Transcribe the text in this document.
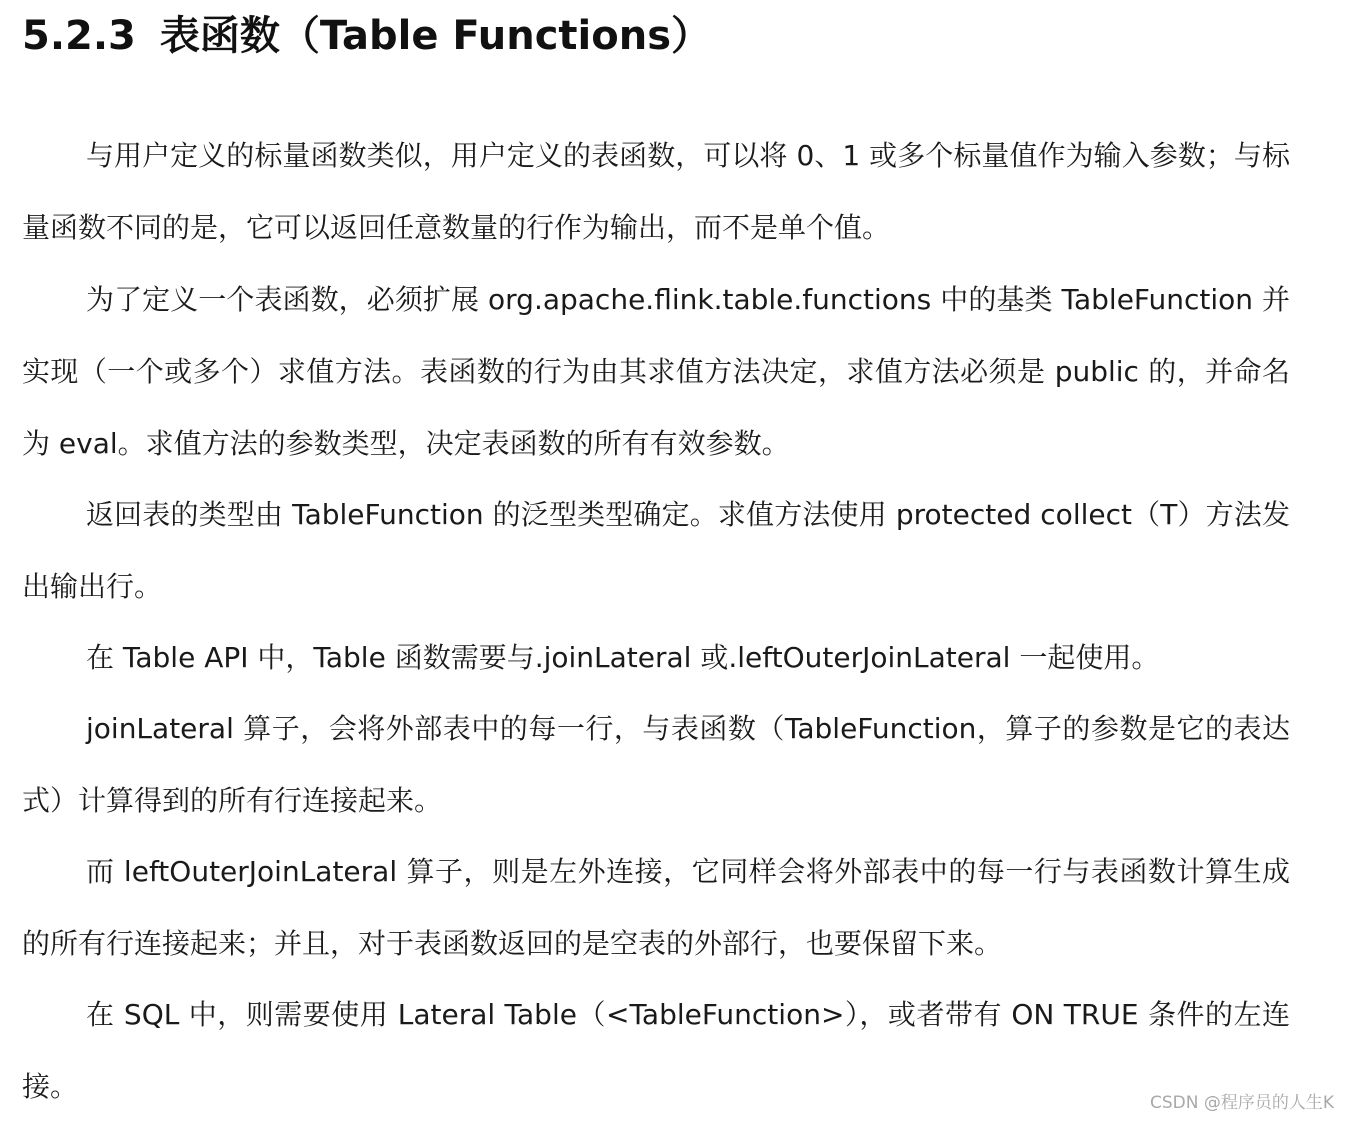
5.2.3 表函数（Table Functions）

与用户定义的标量函数类似，用户定义的表函数，可以将 0、1 或多个标量值作为输入参数；与标量函数不同的是，它可以返回任意数量的行作为输出，而不是单个值。

为了定义一个表函数，必须扩展 org.apache.flink.table.functions 中的基类 TableFunction 并实现（一个或多个）求值方法。表函数的行为由其求值方法决定，求值方法必须是 public 的，并命名为 eval。求值方法的参数类型，决定表函数的所有有效参数。

返回表的类型由 TableFunction 的泛型类型确定。求值方法使用 protected collect（T）方法发出输出行。

在 Table API 中，Table 函数需要与.joinLateral 或.leftOuterJoinLateral 一起使用。

joinLateral 算子，会将外部表中的每一行，与表函数（TableFunction，算子的参数是它的表达式）计算得到的所有行连接起来。

而 leftOuterJoinLateral 算子，则是左外连接，它同样会将外部表中的每一行与表函数计算生成的所有行连接起来；并且，对于表函数返回的是空表的外部行，也要保留下来。

在 SQL 中，则需要使用 Lateral Table（<TableFunction>），或者带有 ON TRUE 条件的左连接。	CSDN @程序员的人生K
